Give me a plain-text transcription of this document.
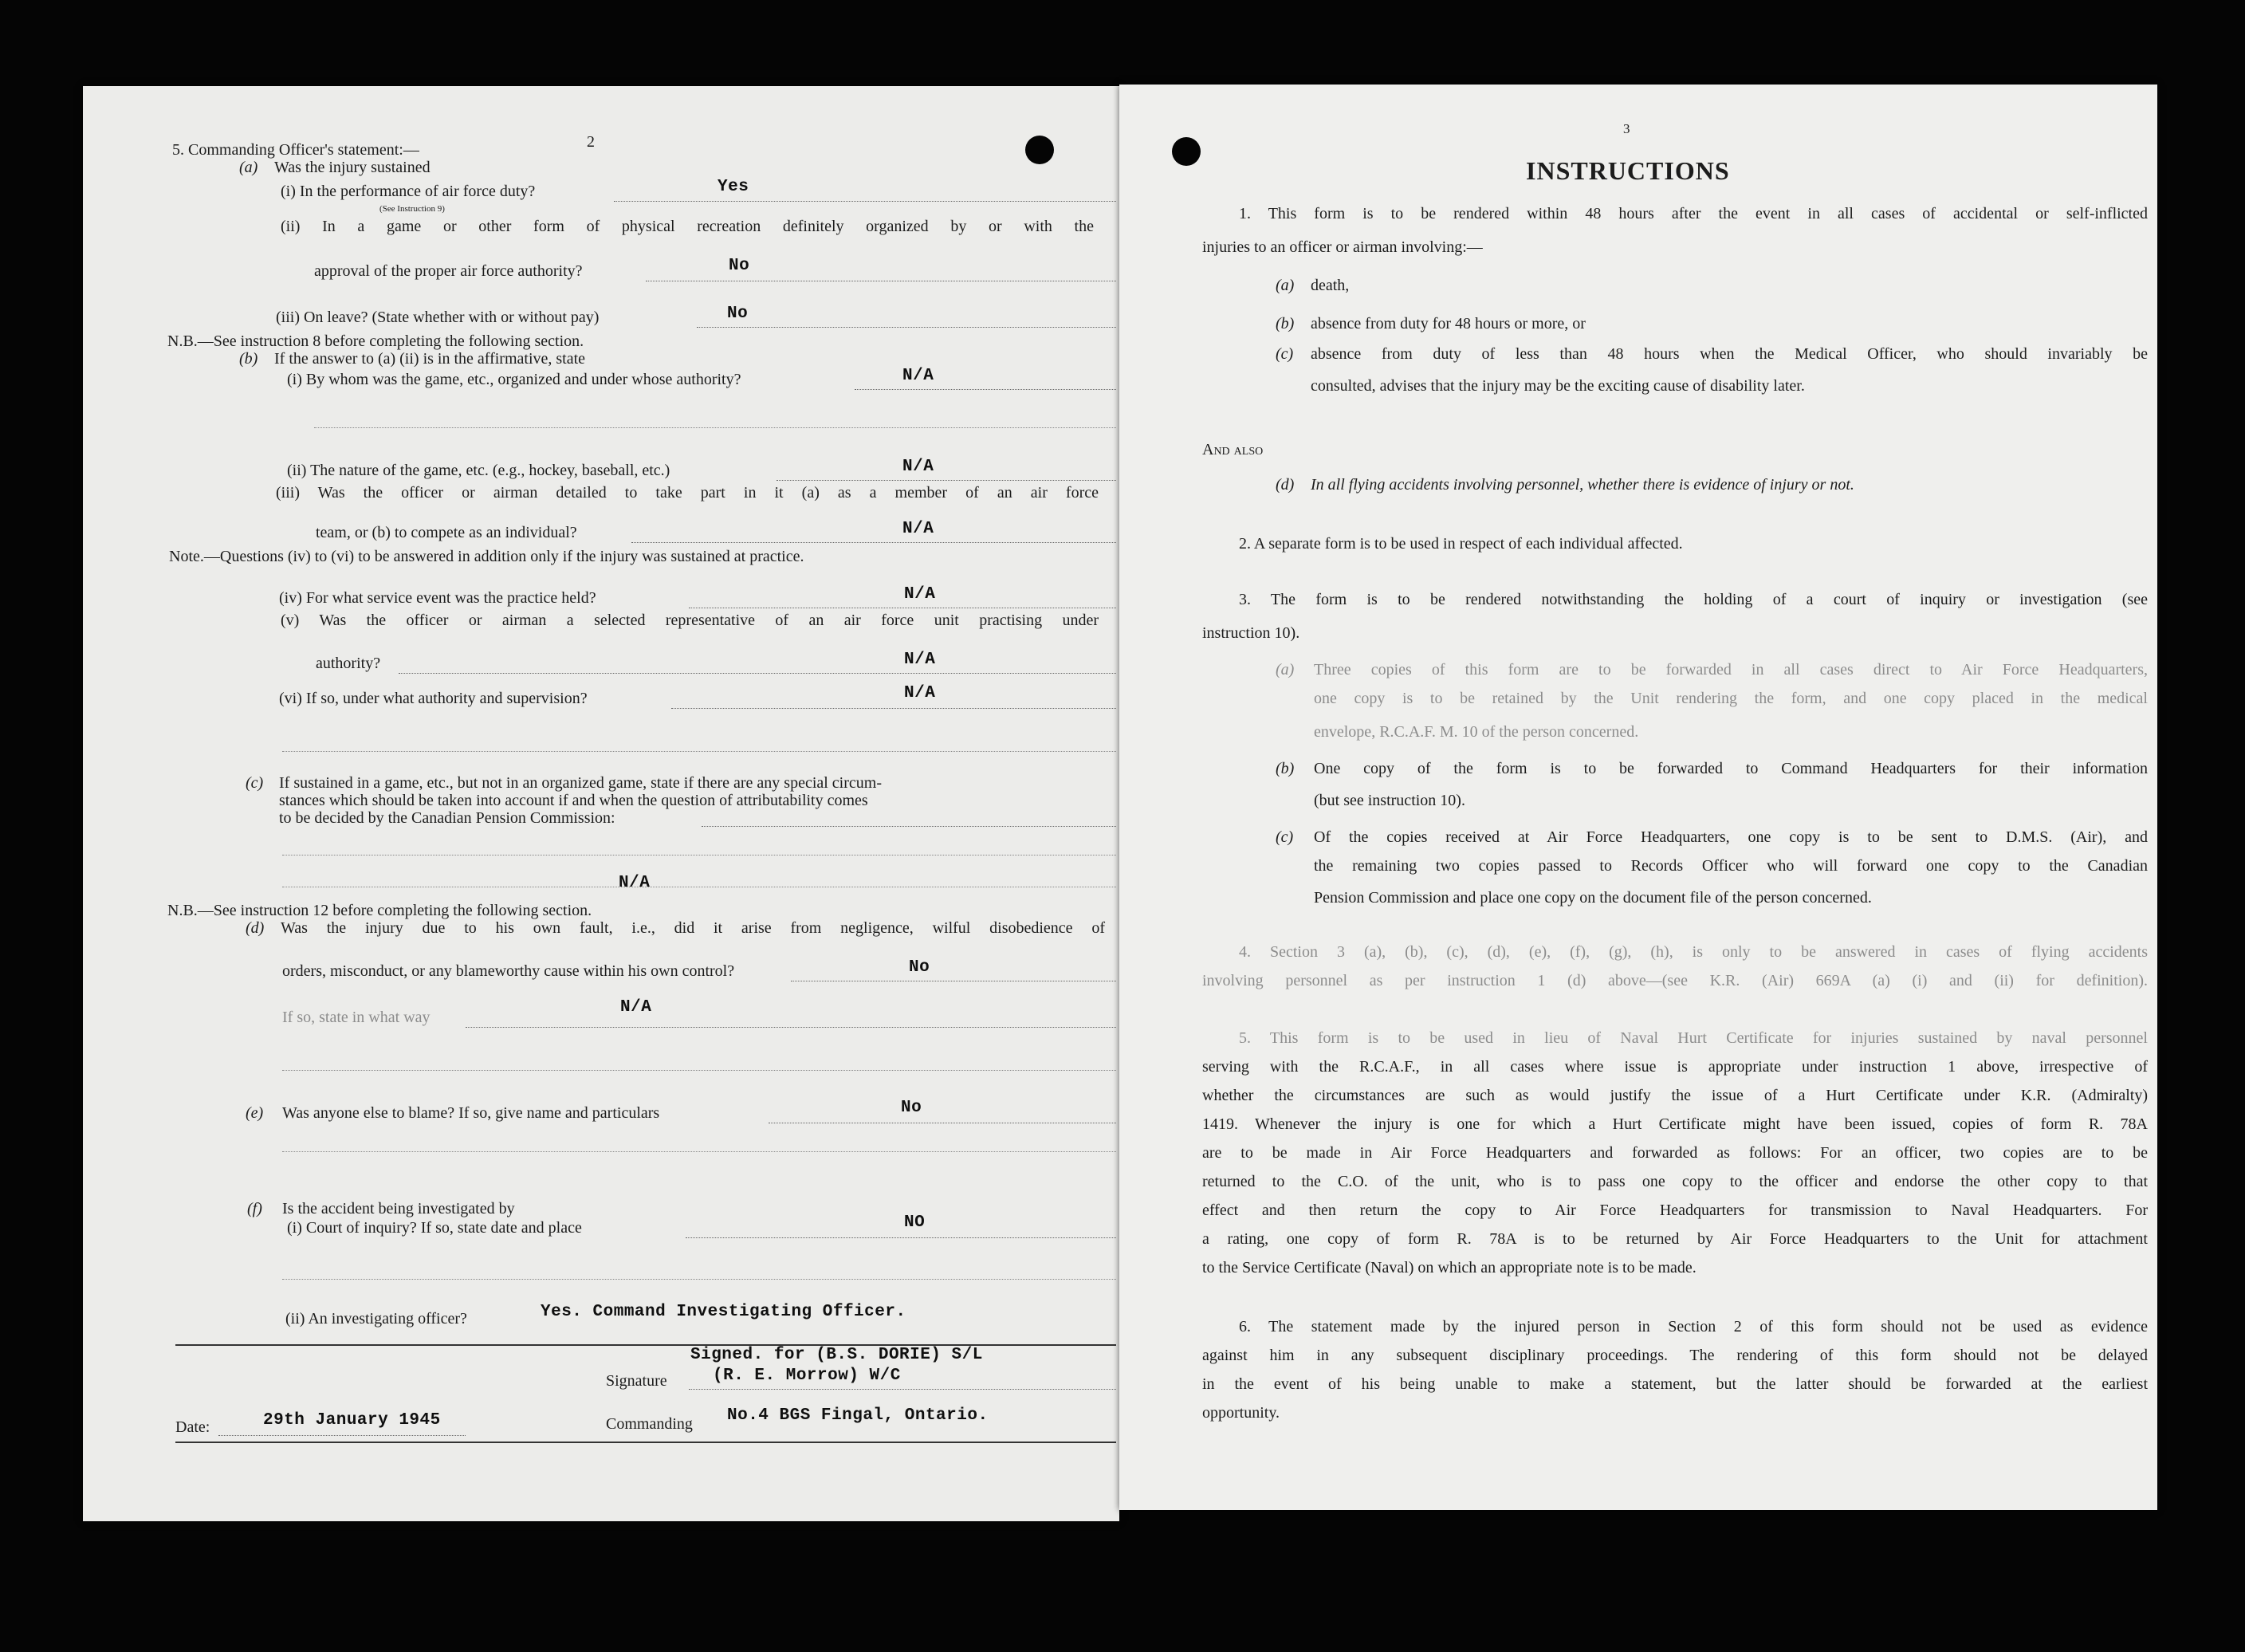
2
5. Commanding Officer's statement:—
(a) Was the injury sustained
(i) In the performance of air force duty?
(See Instruction 9)
Yes
(ii) In a game or other form of physical recreation definitely organized by or with the
approval of the proper air force authority?	No
(iii) On leave? (State whether with or without pay)	No
N.B.—See instruction 8 before completing the following section.
(b) If the answer to (a) (ii) is in the affirmative, state
(i) By whom was the game, etc., organized and under whose authority?	N/A
(ii) The nature of the game, etc. (e.g., hockey, baseball, etc.)	N/A
(iii) Was the officer or airman detailed to take part in it (a) as a member of an air force
team, or (b) to compete as an individual?	N/A
Note.—Questions (iv) to (vi) to be answered in addition only if the injury was sustained at practice.
(iv) For what service event was the practice held?	N/A
(v) Was the officer or airman a selected representative of an air force unit practising under
authority?	N/A
(vi) If so, under what authority and supervision?	N/A
(c) If sustained in a game, etc., but not in an organized game, state if there are any special circum-
stances which should be taken into account if and when the question of attributability comes
to be decided by the Canadian Pension Commission:
N/A
N.B.—See instruction 12 before completing the following section.
(d) Was the injury due to his own fault, i.e., did it arise from negligence, wilful disobedience of
orders, misconduct, or any blameworthy cause within his own control?	No
If so, state in what way
N/A
(e) Was anyone else to blame? If so, give name and particulars	No
(f) Is the accident being investigated by
(i) Court of inquiry? If so, state date and place	NO
(ii) An investigating officer?	Yes. Command Investigating Officer.
Signed. for (B.S. DORIE) S/L
Signature	(R. E. Morrow) W/C
Date:	29th January 1945	Commanding No.4 BGS Fingal, Ontario.
3
INSTRUCTIONS
1. This form is to be rendered within 48 hours after the event in all cases of accidental or self-inflicted
injuries to an officer or airman involving:—
(a) death,
(b) absence from duty for 48 hours or more, or
(c) absence from duty of less than 48 hours when the Medical Officer, who should invariably be
consulted, advises that the injury may be the exciting cause of disability later.
And also
(d) In all flying accidents involving personnel, whether there is evidence of injury or not.
2. A separate form is to be used in respect of each individual affected.
3. The form is to be rendered notwithstanding the holding of a court of inquiry or investigation (see
instruction 10).
(a) Three copies of this form are to be forwarded in all cases direct to Air Force Headquarters,
one copy is to be retained by the Unit rendering the form, and one copy placed in the medical
envelope, R.C.A.F. M. 10 of the person concerned.
(b) One copy of the form is to be forwarded to Command Headquarters for their information
(but see instruction 10).
(c) Of the copies received at Air Force Headquarters, one copy is to be sent to D.M.S. (Air), and
the remaining two copies passed to Records Officer who will forward one copy to the Canadian
Pension Commission and place one copy on the document file of the person concerned.
4. Section 3 (a), (b), (c), (d), (e), (f), (g), (h), is only to be answered in cases of flying accidents
involving personnel as per instruction 1 (d) above—(see K.R. (Air) 669A (a) (i) and (ii) for definition).
5. This form is to be used in lieu of Naval Hurt Certificate for injuries sustained by naval personnel
serving with the R.C.A.F., in all cases where issue is appropriate under instruction 1 above, irrespective of
whether the circumstances are such as would justify the issue of a Hurt Certificate under K.R. (Admiralty)
1419. Whenever the injury is one for which a Hurt Certificate might have been issued, copies of form R. 78A
are to be made in Air Force Headquarters and forwarded as follows: For an officer, two copies are to be
returned to the C.O. of the unit, who is to pass one copy to the officer and endorse the other copy to that
effect and then return the copy to Air Force Headquarters for transmission to Naval Headquarters. For
a rating, one copy of form R. 78A is to be returned by Air Force Headquarters to the Unit for attachment
to the Service Certificate (Naval) on which an appropriate note is to be made.
6. The statement made by the injured person in Section 2 of this form should not be used as evidence
against him in any subsequent disciplinary proceedings. The rendering of this form should not be delayed
in the event of his being unable to make a statement, but the latter should be forwarded at the earliest
opportunity.
